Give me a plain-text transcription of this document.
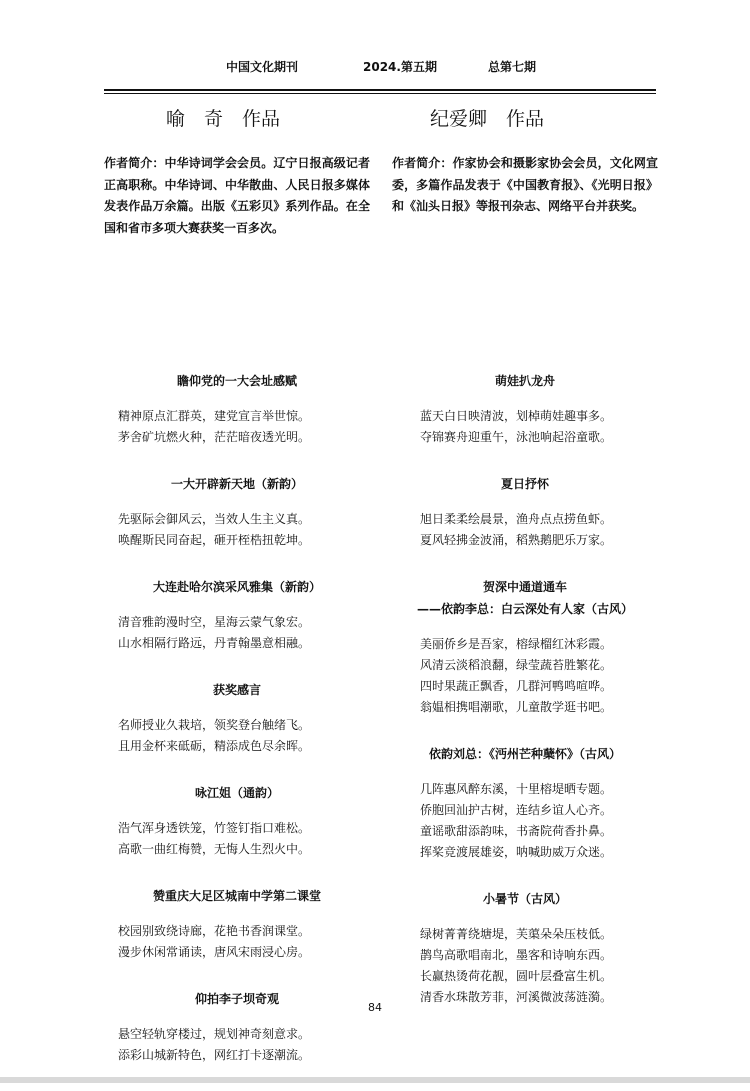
中国文化期刊	2024.第五期	总第七期
喻　奇　作品
作者简介：中华诗词学会会员。辽宁日报高级记者正高职称。中华诗词、中华散曲、人民日报多媒体发表作品万余篇。出版《五彩贝》系列作品。在全国和省市多项大赛获奖一百多次。
瞻仰党的一大会址感赋
精神原点汇群英，建党宣言举世惊。
茅舍矿坑燃火种，茫茫暗夜透光明。
一大开辟新天地（新韵）
先驱际会御风云，当效人生主义真。
唤醒斯民同奋起，砸开桎梏扭乾坤。
大连赴哈尔滨采风雅集（新韵）
清音雅韵漫时空，星海云蒙气象宏。
山水相隔行路远，丹青翰墨意相融。
获奖感言
名师授业久栽培，领奖登台触绪飞。
且用金杯来砥砺，精添成色尽余晖。
咏江姐（通韵）
浩气浑身透铁笼，竹签钉指口难松。
高歌一曲红梅赞，无悔人生烈火中。
赞重庆大足区城南中学第二课堂
校园别致绕诗廊，花艳书香润课堂。
漫步休闲常诵读，唐风宋雨浸心房。
仰拍李子坝奇观
悬空轻轨穿楼过，规划神奇刻意求。
添彩山城新特色，网红打卡逐潮流。
纪爱卿　作品
作者简介：作家协会和摄影家协会会员，文化网宣委，多篇作品发表于《中国教育报》、《光明日报》和《汕头日报》等报刊杂志、网络平台并获奖。
萌娃扒龙舟
蓝天白日映清波，划棹萌娃趣事多。
夺锦赛舟迎重午，泳池响起浴童歌。
夏日抒怀
旭日柔柔绘晨景，渔舟点点捞鱼虾。
夏风轻拂金波涌，稻熟鹅肥乐万家。
贺深中通道通车
——依韵李总：白云深处有人家（古风）
美丽侨乡是吾家，榕绿榴红沐彩霞。
风清云淡稻浪翻，绿莹蔬苔胜繁花。
四时果蔬正飘香，几群河鸭鸣喧哗。
翁媪相携唱潮歌，儿童散学逛书吧。
依韵刘总：《沔州芒种蘖怀》（古风）
几阵惠风醉东溪，十里榕堤晒专题。
侨胞回汕护古树，连结乡谊人心齐。
童谣歌甜添韵味，书斋院荷香扑鼻。
挥桨竞渡展雄姿，呐喊助威万众迷。
小暑节（古风）
绿树菁菁绕塘堤，芙蕖朵朵压枝低。
鹊鸟高歌唱南北，墨客和诗响东西。
长赢热烫荷花靓，圆叶层叠富生机。
清香水珠散芳菲，河溪微波荡涟漪。
84
